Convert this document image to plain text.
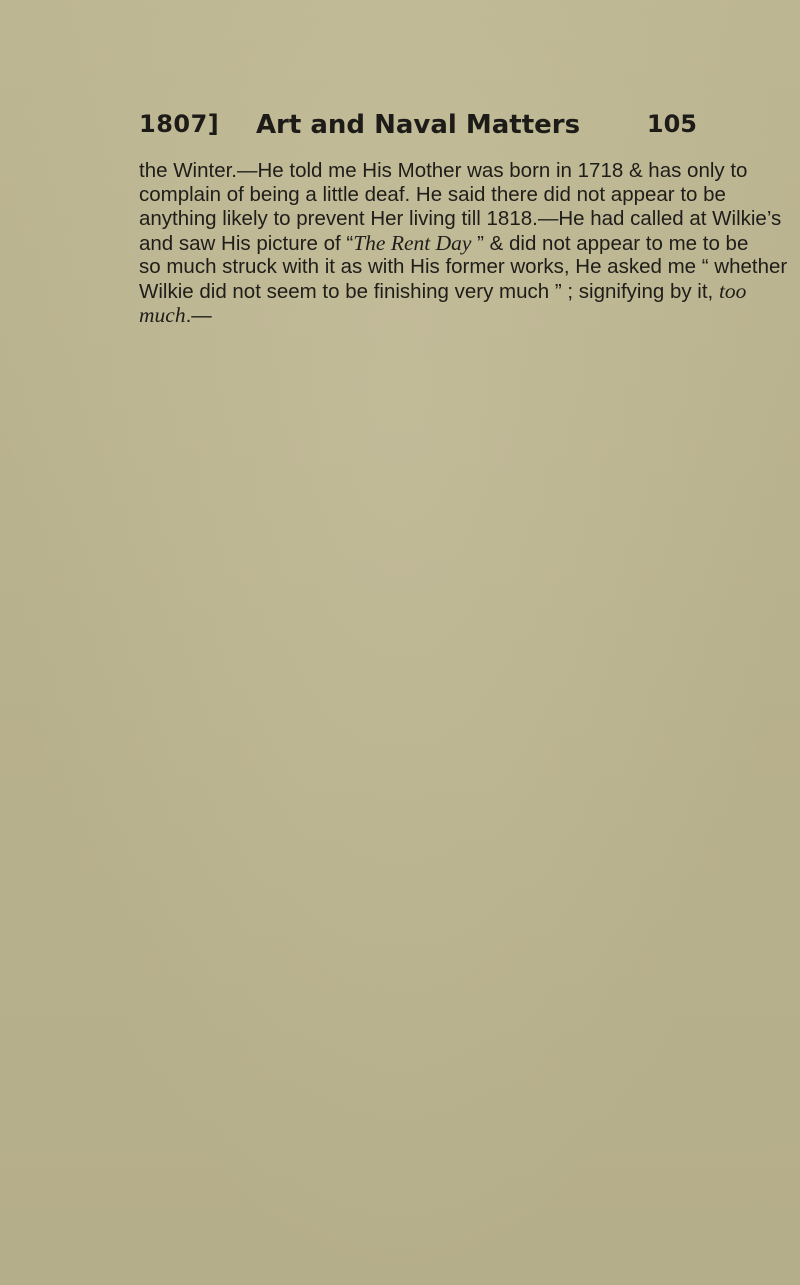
1807]	Art and Naval Matters	105
the Winter.—He told me His Mother was born in 1718 & has only to
complain of being a little deaf. He said there did not appear to be
anything likely to prevent Her living till 1818.—He had called at Wilkie’s
and saw His picture of “The Rent Day ” & did not appear to me to be
so much struck with it as with His former works, He asked me “ whether
Wilkie did not seem to be finishing very much ” ; signifying by it, too
much.—
